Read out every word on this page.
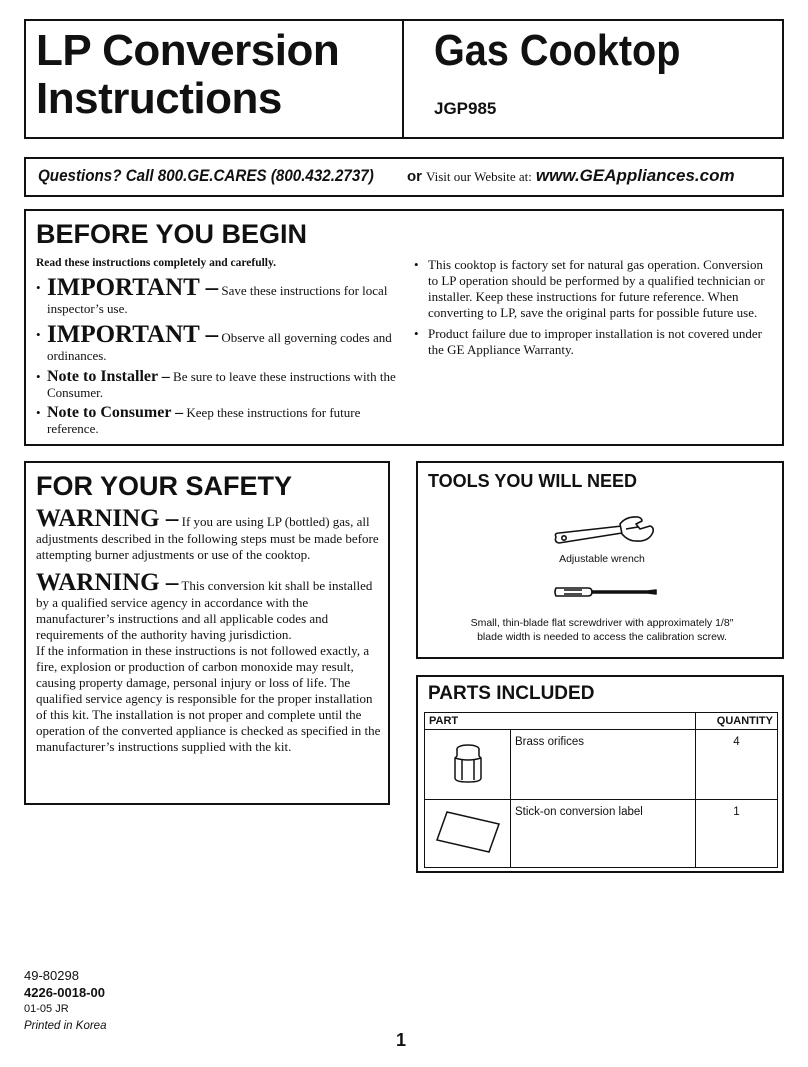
LP Conversion
Instructions
Gas Cooktop
JGP985
Questions? Call 800.GE.CARES (800.432.2737) or Visit our Website at: www.GEAppliances.com
BEFORE YOU BEGIN
Read these instructions completely and carefully.
• IMPORTANT – Save these instructions for local inspector’s use.
• IMPORTANT – Observe all governing codes and ordinances.
• Note to Installer – Be sure to leave these instructions with the Consumer.
• Note to Consumer – Keep these instructions for future reference.
• This cooktop is factory set for natural gas operation. Conversion to LP operation should be performed by a qualified technician or installer. Keep these instructions for future reference. When converting to LP, save the original parts for possible future use.
• Product failure due to improper installation is not covered under the GE Appliance Warranty.
FOR YOUR SAFETY
WARNING – If you are using LP (bottled) gas, all adjustments described in the following steps must be made before attempting burner adjustments or use of the cooktop.
WARNING – This conversion kit shall be installed by a qualified service agency in accordance with the manufacturer’s instructions and all applicable codes and requirements of the authority having jurisdiction.
If the information in these instructions is not followed exactly, a fire, explosion or production of carbon monoxide may result, causing property damage, personal injury or loss of life. The qualified service agency is responsible for the proper installation of this kit. The installation is not proper and complete until the operation of the converted appliance is checked as specified in the manufacturer’s instructions supplied with the kit.
TOOLS YOU WILL NEED
Adjustable wrench
Small, thin-blade flat screwdriver with approximately 1/8″
blade width is needed to access the calibration screw.
PARTS INCLUDED
PART		QUANTITY
	Brass orifices	4
	Stick-on conversion label	1
49-80298
4226-0018-00
01-05 JR
Printed in Korea
1
